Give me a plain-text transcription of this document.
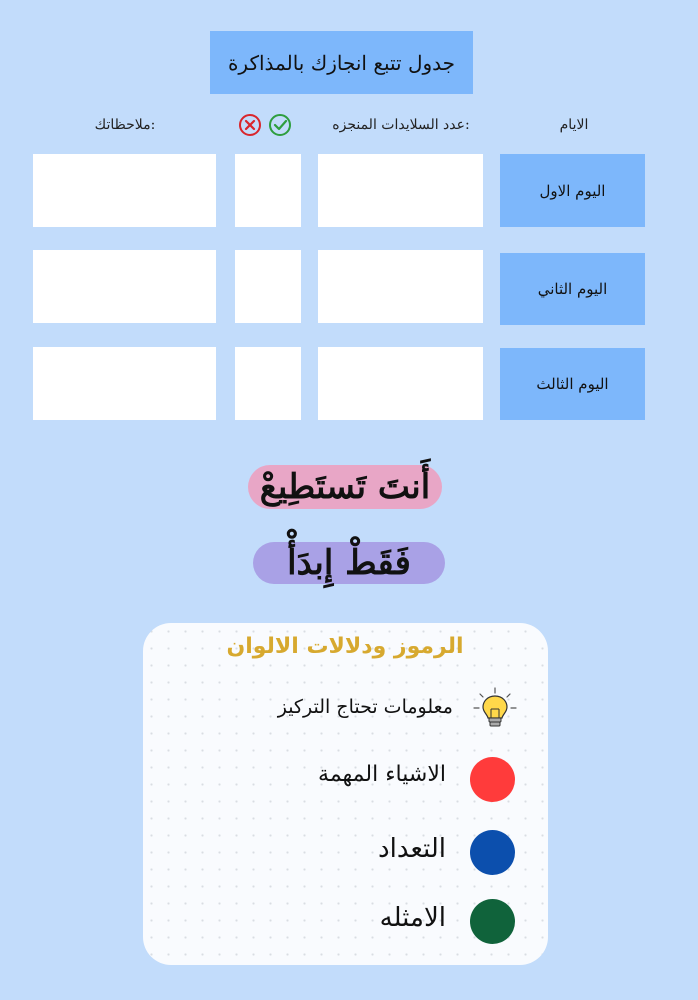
جدول تتبع انجازك بالمذاكرة
الايام
عدد السلايدات المنجزه:
ملاحظاتك:
اليوم الاول
اليوم الثاني
اليوم الثالث
أَنتَ تَستَطِيعْ
فَقَطْ إِبدَأْ
الرموز ودلالات الالوان
معلومات تحتاج التركيز
الاشياء المهمة
التعداد
الامثله
